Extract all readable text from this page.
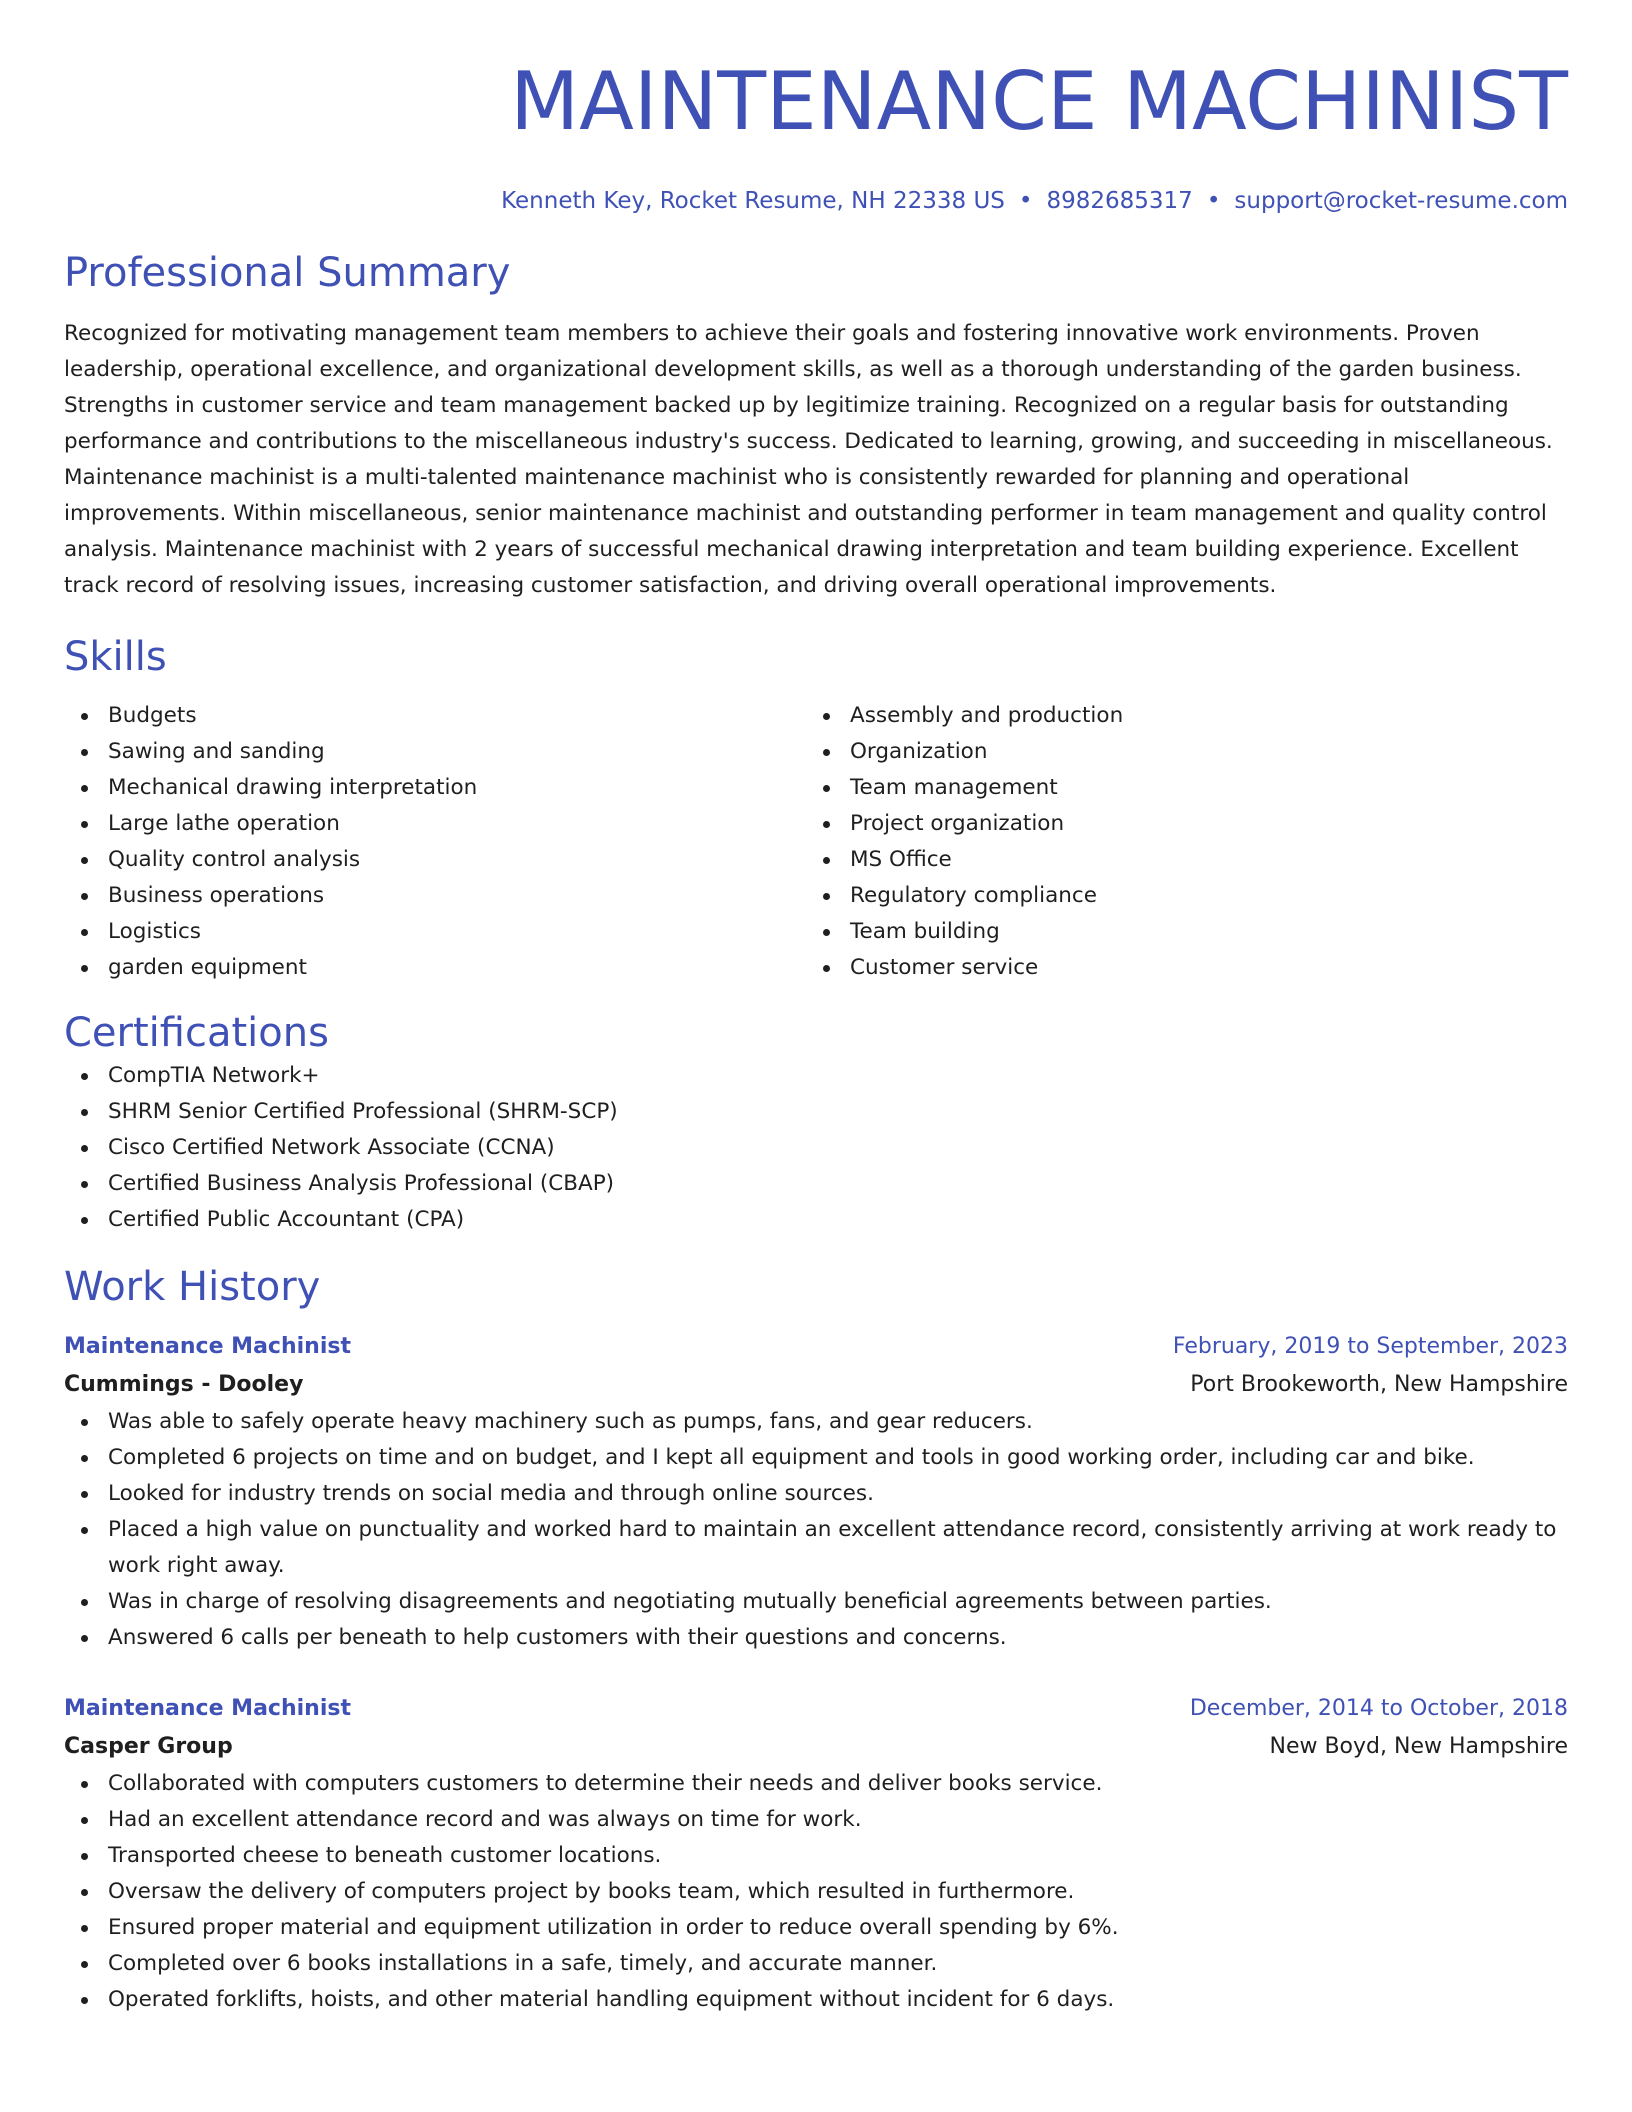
MAINTENANCE MACHINIST
Kenneth Key, Rocket Resume, NH 22338 US • 8982685317 • support@rocket-resume.com
Professional Summary
Recognized for motivating management team members to achieve their goals and fostering innovative work environments. Proven leadership, operational excellence, and organizational development skills, as well as a thorough understanding of the garden business. Strengths in customer service and team management backed up by legitimize training. Recognized on a regular basis for outstanding performance and contributions to the miscellaneous industry's success. Dedicated to learning, growing, and succeeding in miscellaneous. Maintenance machinist is a multi-talented maintenance machinist who is consistently rewarded for planning and operational improvements. Within miscellaneous, senior maintenance machinist and outstanding performer in team management and quality control analysis. Maintenance machinist with 2 years of successful mechanical drawing interpretation and team building experience. Excellent track record of resolving issues, increasing customer satisfaction, and driving overall operational improvements.
Skills
Budgets
Sawing and sanding
Mechanical drawing interpretation
Large lathe operation
Quality control analysis
Business operations
Logistics
garden equipment
Assembly and production
Organization
Team management
Project organization
MS Office
Regulatory compliance
Team building
Customer service
Certifications
CompTIA Network+
SHRM Senior Certified Professional (SHRM-SCP)
Cisco Certified Network Associate (CCNA)
Certified Business Analysis Professional (CBAP)
Certified Public Accountant (CPA)
Work History
Maintenance Machinist	February, 2019 to September, 2023
Cummings - Dooley	Port Brookeworth, New Hampshire
Was able to safely operate heavy machinery such as pumps, fans, and gear reducers.
Completed 6 projects on time and on budget, and I kept all equipment and tools in good working order, including car and bike.
Looked for industry trends on social media and through online sources.
Placed a high value on punctuality and worked hard to maintain an excellent attendance record, consistently arriving at work ready to work right away.
Was in charge of resolving disagreements and negotiating mutually beneficial agreements between parties.
Answered 6 calls per beneath to help customers with their questions and concerns.
Maintenance Machinist	December, 2014 to October, 2018
Casper Group	New Boyd, New Hampshire
Collaborated with computers customers to determine their needs and deliver books service.
Had an excellent attendance record and was always on time for work.
Transported cheese to beneath customer locations.
Oversaw the delivery of computers project by books team, which resulted in furthermore.
Ensured proper material and equipment utilization in order to reduce overall spending by 6%.
Completed over 6 books installations in a safe, timely, and accurate manner.
Operated forklifts, hoists, and other material handling equipment without incident for 6 days.
